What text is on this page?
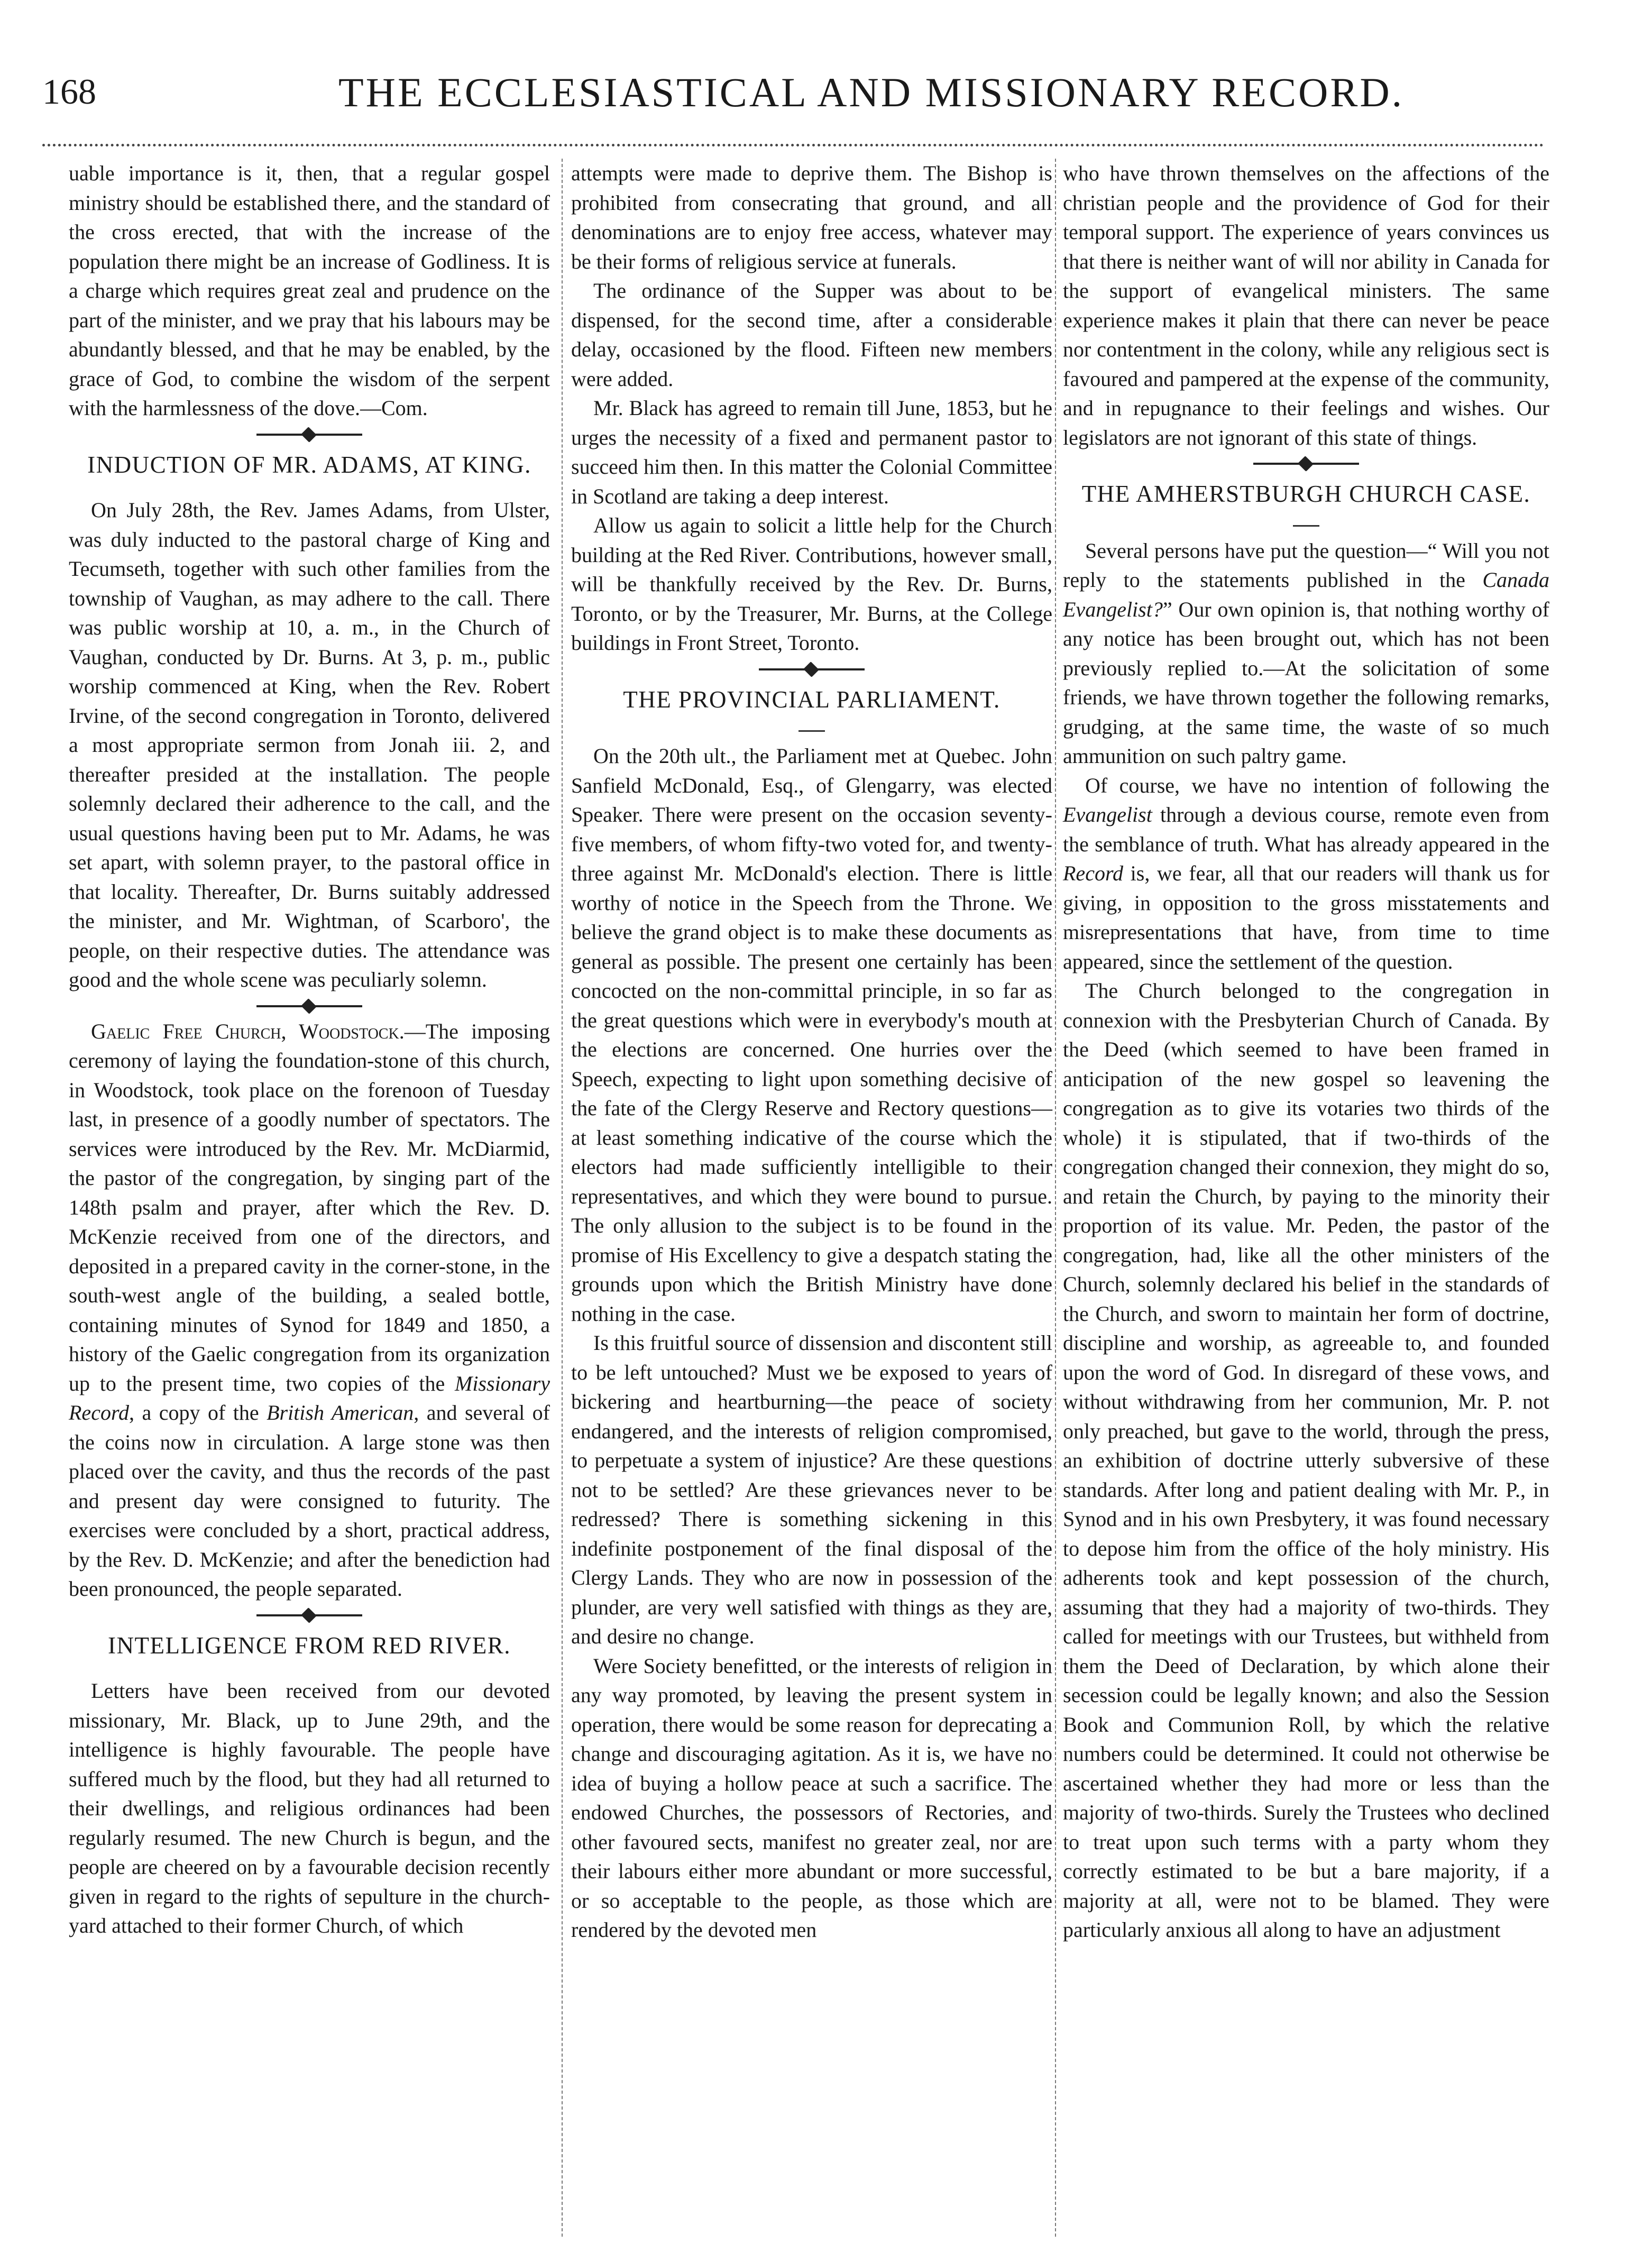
168	THE ECCLESIASTICAL AND MISSIONARY RECORD.

uable importance is it, then, that a regular gospel ministry should be established there, and the standard of the cross erected, that with the increase of the population there might be an increase of Godliness. It is a charge which requires great zeal and prudence on the part of the minister, and we pray that his labours may be abundantly blessed, and that he may be enabled, by the grace of God, to combine the wisdom of the serpent with the harmlessness of the dove.—Com.

INDUCTION OF MR. ADAMS, AT KING.

On July 28th, the Rev. James Adams, from Ulster, was duly inducted to the pastoral charge of King and Tecumseth, together with such other families from the township of Vaughan, as may adhere to the call. There was public worship at 10, a. m., in the Church of Vaughan, conducted by Dr. Burns. At 3, p. m., public worship commenced at King, when the Rev. Robert Irvine, of the second congregation in Toronto, delivered a most appropriate sermon from Jonah iii. 2, and thereafter presided at the installation. The people solemnly declared their adherence to the call, and the usual questions having been put to Mr. Adams, he was set apart, with solemn prayer, to the pastoral office in that locality. Thereafter, Dr. Burns suitably addressed the minister, and Mr. Wightman, of Scarboro', the people, on their respective duties. The attendance was good and the whole scene was peculiarly solemn.

Gaelic Free Church, Woodstock.—The imposing ceremony of laying the foundation-stone of this church, in Woodstock, took place on the forenoon of Tuesday last, in presence of a goodly number of spectators. The services were introduced by the Rev. Mr. McDiarmid, the pastor of the congregation, by singing part of the 148th psalm and prayer, after which the Rev. D. McKenzie received from one of the directors, and deposited in a prepared cavity in the corner-stone, in the south-west angle of the building, a sealed bottle, containing minutes of Synod for 1849 and 1850, a history of the Gaelic congregation from its organization up to the present time, two copies of the Missionary Record, a copy of the British American, and several of the coins now in circulation. A large stone was then placed over the cavity, and thus the records of the past and present day were consigned to futurity. The exercises were concluded by a short, practical address, by the Rev. D. McKenzie; and after the benediction had been pronounced, the people separated.

INTELLIGENCE FROM RED RIVER.

Letters have been received from our devoted missionary, Mr. Black, up to June 29th, and the intelligence is highly favourable. The people have suffered much by the flood, but they had all returned to their dwellings, and religious ordinances had been regularly resumed. The new Church is begun, and the people are cheered on by a favourable decision recently given in regard to the rights of sepulture in the church-yard attached to their former Church, of which

attempts were made to deprive them. The Bishop is prohibited from consecrating that ground, and all denominations are to enjoy free access, whatever may be their forms of religious service at funerals.

The ordinance of the Supper was about to be dispensed, for the second time, after a considerable delay, occasioned by the flood. Fifteen new members were added.

Mr. Black has agreed to remain till June, 1853, but he urges the necessity of a fixed and permanent pastor to succeed him then. In this matter the Colonial Committee in Scotland are taking a deep interest.

Allow us again to solicit a little help for the Church building at the Red River. Contributions, however small, will be thankfully received by the Rev. Dr. Burns, Toronto, or by the Treasurer, Mr. Burns, at the College buildings in Front Street, Toronto.

THE PROVINCIAL PARLIAMENT.

On the 20th ult., the Parliament met at Quebec. John Sanfield McDonald, Esq., of Glengarry, was elected Speaker. There were present on the occasion seventy-five members, of whom fifty-two voted for, and twenty-three against Mr. McDonald's election. There is little worthy of notice in the Speech from the Throne. We believe the grand object is to make these documents as general as possible. The present one certainly has been concocted on the non-committal principle, in so far as the great questions which were in everybody's mouth at the elections are concerned. One hurries over the Speech, expecting to light upon something decisive of the fate of the Clergy Reserve and Rectory questions—at least something indicative of the course which the electors had made sufficiently intelligible to their representatives, and which they were bound to pursue. The only allusion to the subject is to be found in the promise of His Excellency to give a despatch stating the grounds upon which the British Ministry have done nothing in the case.

Is this fruitful source of dissension and discontent still to be left untouched? Must we be exposed to years of bickering and heartburning—the peace of society endangered, and the interests of religion compromised, to perpetuate a system of injustice? Are these questions not to be settled? Are these grievances never to be redressed? There is something sickening in this indefinite postponement of the final disposal of the Clergy Lands. They who are now in possession of the plunder, are very well satisfied with things as they are, and desire no change.

Were Society benefitted, or the interests of religion in any way promoted, by leaving the present system in operation, there would be some reason for deprecating a change and discouraging agitation. As it is, we have no idea of buying a hollow peace at such a sacrifice. The endowed Churches, the possessors of Rectories, and other favoured sects, manifest no greater zeal, nor are their labours either more abundant or more successful, or so acceptable to the people, as those which are rendered by the devoted men

who have thrown themselves on the affections of the christian people and the providence of God for their temporal support. The experience of years convinces us that there is neither want of will nor ability in Canada for the support of evangelical ministers. The same experience makes it plain that there can never be peace nor contentment in the colony, while any religious sect is favoured and pampered at the expense of the community, and in repugnance to their feelings and wishes. Our legislators are not ignorant of this state of things.

THE AMHERSTBURGH CHURCH CASE.

Several persons have put the question—“ Will you not reply to the statements published in the Canada Evangelist?” Our own opinion is, that nothing worthy of any notice has been brought out, which has not been previously replied to.—At the solicitation of some friends, we have thrown together the following remarks, grudging, at the same time, the waste of so much ammunition on such paltry game.

Of course, we have no intention of following the Evangelist through a devious course, remote even from the semblance of truth. What has already appeared in the Record is, we fear, all that our readers will thank us for giving, in opposition to the gross misstatements and misrepresentations that have, from time to time appeared, since the settlement of the question.

The Church belonged to the congregation in connexion with the Presbyterian Church of Canada. By the Deed (which seemed to have been framed in anticipation of the new gospel so leavening the congregation as to give its votaries two thirds of the whole) it is stipulated, that if two-thirds of the congregation changed their connexion, they might do so, and retain the Church, by paying to the minority their proportion of its value. Mr. Peden, the pastor of the congregation, had, like all the other ministers of the Church, solemnly declared his belief in the standards of the Church, and sworn to maintain her form of doctrine, discipline and worship, as agreeable to, and founded upon the word of God. In disregard of these vows, and without withdrawing from her communion, Mr. P. not only preached, but gave to the world, through the press, an exhibition of doctrine utterly subversive of these standards. After long and patient dealing with Mr. P., in Synod and in his own Presbytery, it was found necessary to depose him from the office of the holy ministry. His adherents took and kept possession of the church, assuming that they had a majority of two-thirds. They called for meetings with our Trustees, but withheld from them the Deed of Declaration, by which alone their secession could be legally known; and also the Session Book and Communion Roll, by which the relative numbers could be determined. It could not otherwise be ascertained whether they had more or less than the majority of two-thirds. Surely the Trustees who declined to treat upon such terms with a party whom they correctly estimated to be but a bare majority, if a majority at all, were not to be blamed. They were particularly anxious all along to have an adjustment
